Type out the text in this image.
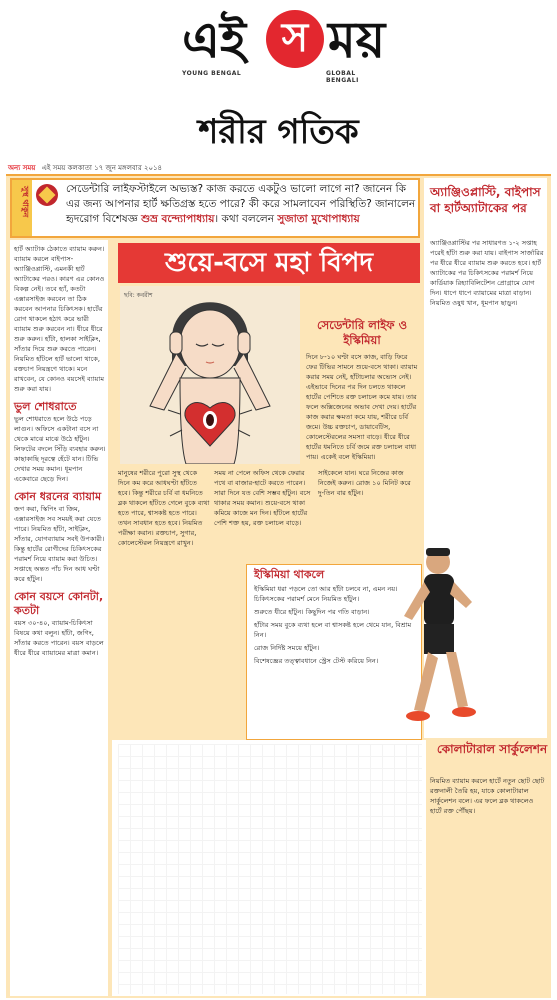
এই স ময়
YOUNG BENGAL	GLOBAL BENGALI
শরীর গতিক
অন্য সময় এই সময় কলকাতা ১৭ জুন মঙ্গলবার ২০১৪
সুস্থ থাকুন	সেডেন্টারি লাইফস্টাইলে অভ্যস্ত? কাজ করতে একটুও ভালো লাগে না? জানেন কি এর জন্য আপনার হার্ট ক্ষতিগ্রস্ত হতে পারে? কী করে সামলাবেন পরিস্থিতি? জানালেন হৃদরোগ বিশেষজ্ঞ শুভ্র বন্দ্যোপাধ্যায়। কথা বললেন সুজাতা মুখোপাধ্যায়
অ্যাঞ্জিওপ্লাস্টি, বাইপাস বা হার্টঅ্যাটাকের পর
অ্যাঞ্জিওপ্লাস্টির পর সাধারণত ১-২ সপ্তাহ পরেই হাঁটা শুরু করা যায়। বাইপাস সার্জারির পর ধীরে ধীরে ব্যায়াম শুরু করতে হবে। হার্ট অ্যাটাকের পর চিকিৎসকের পরামর্শ নিয়ে কার্ডিয়াক রিহ্যাবিলিটেশন প্রোগ্রামে যোগ দিন। ধাপে ধাপে ব্যায়ামের মাত্রা বাড়ান। নিয়মিত ওষুধ খান, ধূমপান ছাড়ুন।
কোলাটারাল সার্কুলেশন
নিয়মিত ব্যায়াম করলে হার্টে নতুন ছোট ছোট রক্তনালী তৈরি হয়, যাকে কোলাটারাল সার্কুলেশন বলে। এর ফলে ব্লক থাকলেও হার্টে রক্ত পৌঁছয়।

হার্ট অ্যাটাক ঠেকাতে ব্যায়াম করুন। ব্যায়াম করলে বাইপাস-অ্যাঞ্জিওপ্লাস্টি, এমনকী হার্ট অ্যাটাকের পরও। কারণ এর কোনও বিকল্প নেই। তবে হ্যাঁ, কতটা এক্সারসাইজ করবেন তা ঠিক করবেন আপনার চিকিৎসক। হার্টের রোগ থাকলে হঠাৎ করে ভারী ব্যায়াম শুরু করবেন না। ধীরে ধীরে শুরু করুন। হাঁটা, হালকা সাইক্লিং, সাঁতার দিয়ে শুরু করতে পারেন। নিয়মিত হাঁটলে হার্ট ভালো থাকে, রক্তচাপ নিয়ন্ত্রণে থাকে। মনে রাখবেন, যে কোনও বয়সেই ব্যায়াম শুরু করা যায়।

ভুল শোধরাতে

ভুল শোধরাতে হলে উঠে পড়ে লাগুন। অফিসে একটানা বসে না থেকে মাঝে মাঝে উঠে হাঁটুন। লিফটের বদলে সিঁড়ি ব্যবহার করুন। কাছাকাছি দূরত্বে হেঁটে যান। টিভি দেখার সময় কমান। ধূমপান একেবারে ছেড়ে দিন।

কোন ধরনের ব্যায়াম

জগ করা, স্কিপিং বা জিম, এক্সারসাইজ সব সময়ই করা যেতে পারে। নিয়মিত হাঁটা, সাইক্লিং, সাঁতার, যোগব্যায়াম সবই উপকারী। কিন্তু হার্টের রোগীদের চিকিৎসকের পরামর্শ নিয়ে ব্যায়াম করা উচিত। সপ্তাহে অন্তত পাঁচ দিন আধ ঘণ্টা করে হাঁটুন।

কোন বয়সে কোনটা, কতটা

বয়স ৩০-৪০, ব্যায়াম-চিকিৎসা বিষয়ে কথা বলুন। হাঁটা, জগিং, সাঁতার করতে পারেন। বয়স বাড়লে ধীরে ধীরে ব্যায়ামের মাত্রা কমান।

শুয়ে-বসে মহা বিপদ
ছবি: কবরীশ
সেডেন্টারি লাইফ ও ইস্কিমিয়া
দিনে ৮-১০ ঘণ্টা বসে কাজ, বাড়ি ফিরে ফের টিভির সামনে শুয়ে-বসে থাকা। ব্যায়াম করার সময় নেই, হাঁটাচলার অভ্যেস নেই। এইভাবে দিনের পর দিন চলতে থাকলে হার্টের পেশিতে রক্ত চলাচল কমে যায়। তার ফলে অক্সিজেনের অভাব দেখা দেয়। হার্টের কাজ করার ক্ষমতা কমে যায়, শরীরে চর্বি জমে। উচ্চ রক্তচাপ, ডায়াবেটিস, কোলেস্টেরলের সমস্যা বাড়ে। ধীরে ধীরে হার্টের ধমনিতে চর্বি জমে রক্ত চলাচল বাধা পায়। একেই বলে ইস্কিমিয়া।
মানুষের শরীরে পুরো সুস্থ থেকে দিনে কম করে আধঘণ্টা হাঁটতে হবে। কিন্তু শরীরে চর্বি বা ধমনিতে ব্লক থাকলে হাঁটতে গেলে বুকে ব্যথা হতে পারে, শ্বাসকষ্ট হতে পারে। তখন সাবধান হতে হবে। নিয়মিত পরীক্ষা করান। রক্তচাপ, সুগার, কোলেস্টেরল নিয়ন্ত্রণে রাখুন।
সময় না পেলে অফিস থেকে ফেরার পথে বা বাজার-হাটে করতে পারেন। সারা দিনে যত বেশি সম্ভব হাঁটুন। বসে থাকার সময় কমান। শুয়ে-বসে থাকা কমিয়ে কাজে মন দিন। হাঁটলে হার্টের পেশি শক্ত হয়, রক্ত চলাচল বাড়ে।
সাইকেলে যান। ঘরে নিজের কাজ নিজেই করুন। রোজ ১০ মিনিট করে দু-তিন বার হাঁটুন।
ইস্কিমিয়া থাকলে

ইস্কিমিয়া ধরা পড়লে তো আর হাঁটা চলবে না, এমন নয়। চিকিৎসকের পরামর্শ মেনে নিয়মিত হাঁটুন।

শুরুতে ধীরে হাঁটুন। কিছুদিন পর গতি বাড়ান।

হাঁটার সময় বুকে ব্যথা হলে বা শ্বাসকষ্ট হলে থেমে যান, বিশ্রাম নিন।

রোজ নির্দিষ্ট সময়ে হাঁটুন।

বিশেষজ্ঞের তত্ত্বাবধানে স্ট্রেস টেস্ট করিয়ে নিন।
